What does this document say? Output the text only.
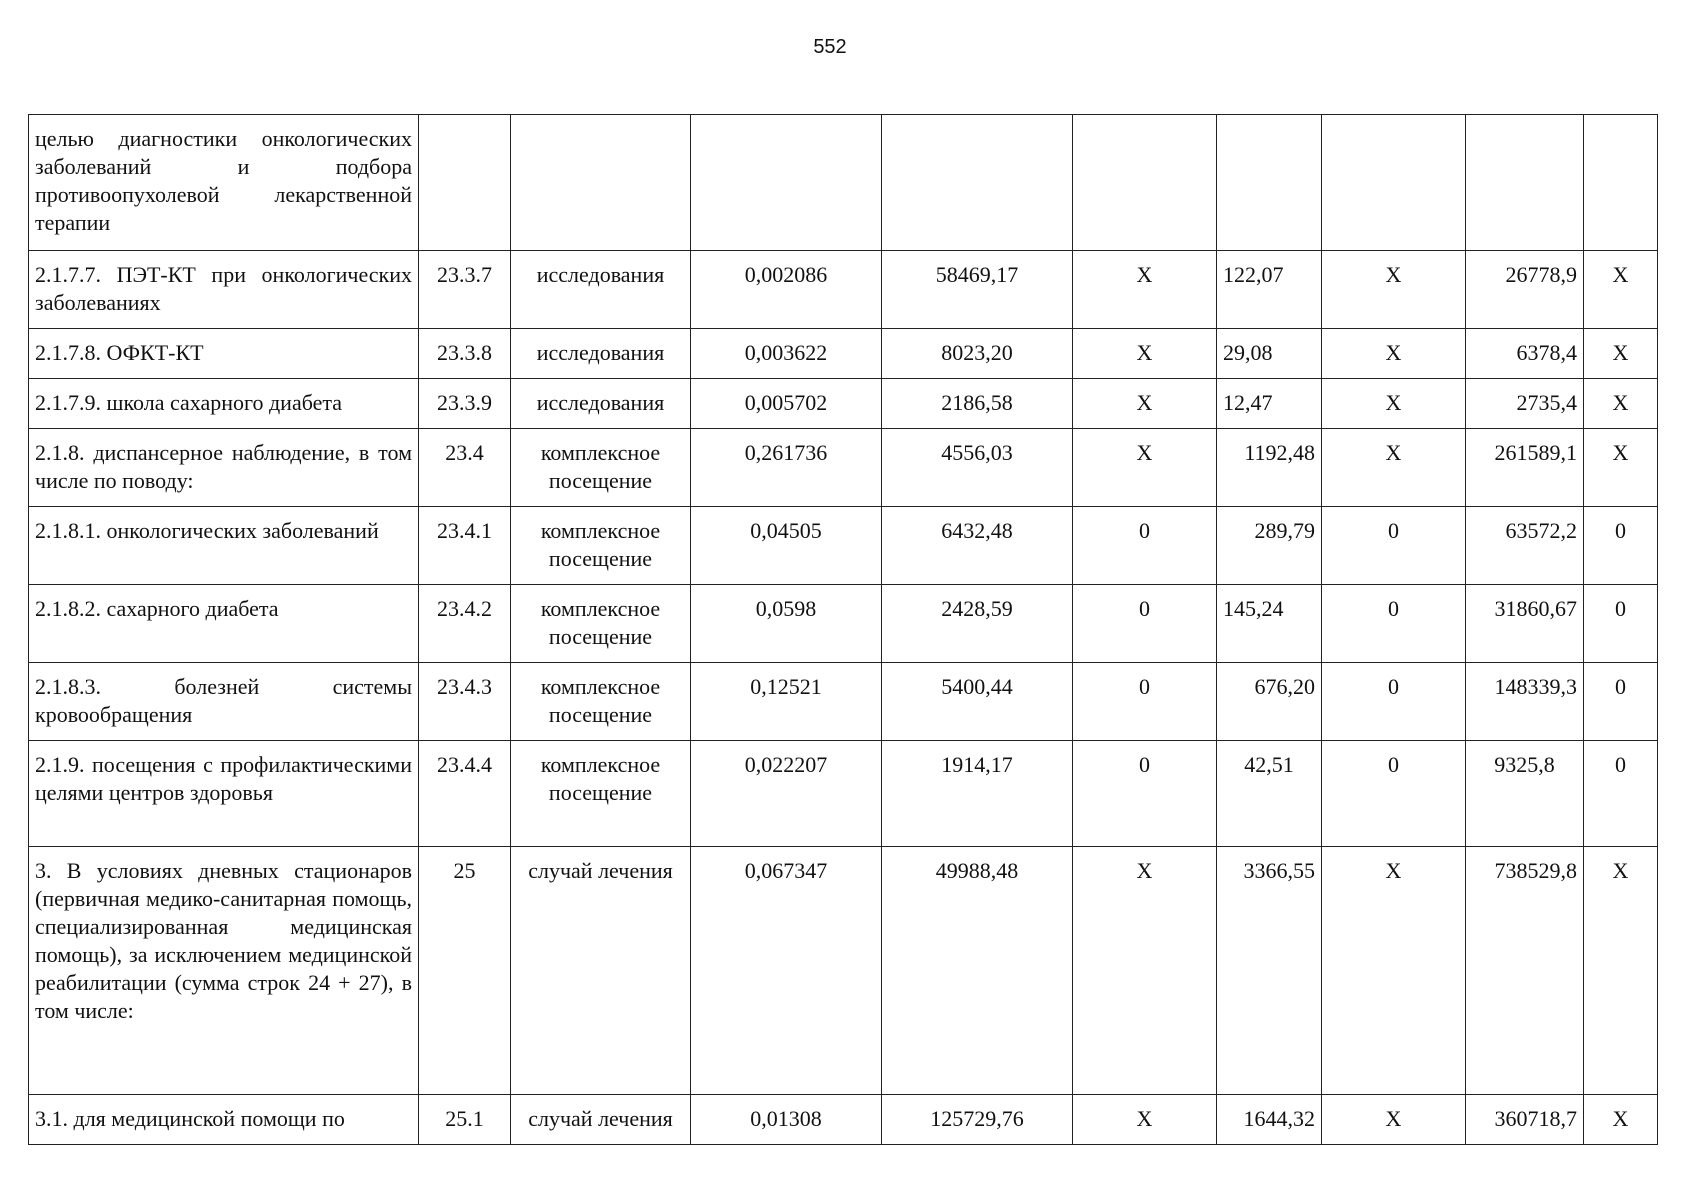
552
целью диагностики онкологических заболеваний и подбора противоопухолевой лекарственной терапии									
2.1.7.7. ПЭТ-КТ при онкологических заболеваниях	23.3.7	исследования	0,002086	58469,17	Х	122,07	Х	26778,9	Х
2.1.7.8. ОФКТ-КТ	23.3.8	исследования	0,003622	8023,20	Х	29,08	Х	6378,4	Х
2.1.7.9. школа сахарного диабета	23.3.9	исследования	0,005702	2186,58	Х	12,47	Х	2735,4	Х
2.1.8. диспансерное наблюдение, в том числе по поводу:	23.4	комплексное посещение	0,261736	4556,03	Х	1192,48	Х	261589,1	Х
2.1.8.1. онкологических заболеваний	23.4.1	комплексное посещение	0,04505	6432,48	0	289,79	0	63572,2	0
2.1.8.2. сахарного диабета	23.4.2	комплексное посещение	0,0598	2428,59	0	145,24	0	31860,67	0
2.1.8.3. болезней системы кровообращения	23.4.3	комплексное посещение	0,12521	5400,44	0	676,20	0	148339,3	0
2.1.9. посещения с профилактическими целями центров здоровья	23.4.4	комплексное посещение	0,022207	1914,17	0	42,51	0	9325,8	0
3. В условиях дневных стационаров (первичная медико-санитарная помощь, специализированная медицинская помощь), за исключением медицинской реабилитации (сумма строк 24 + 27), в том числе:	25	случай лечения	0,067347	49988,48	Х	3366,55	Х	738529,8	Х
3.1. для медицинской помощи по	25.1	случай лечения	0,01308	125729,76	Х	1644,32	Х	360718,7	Х
